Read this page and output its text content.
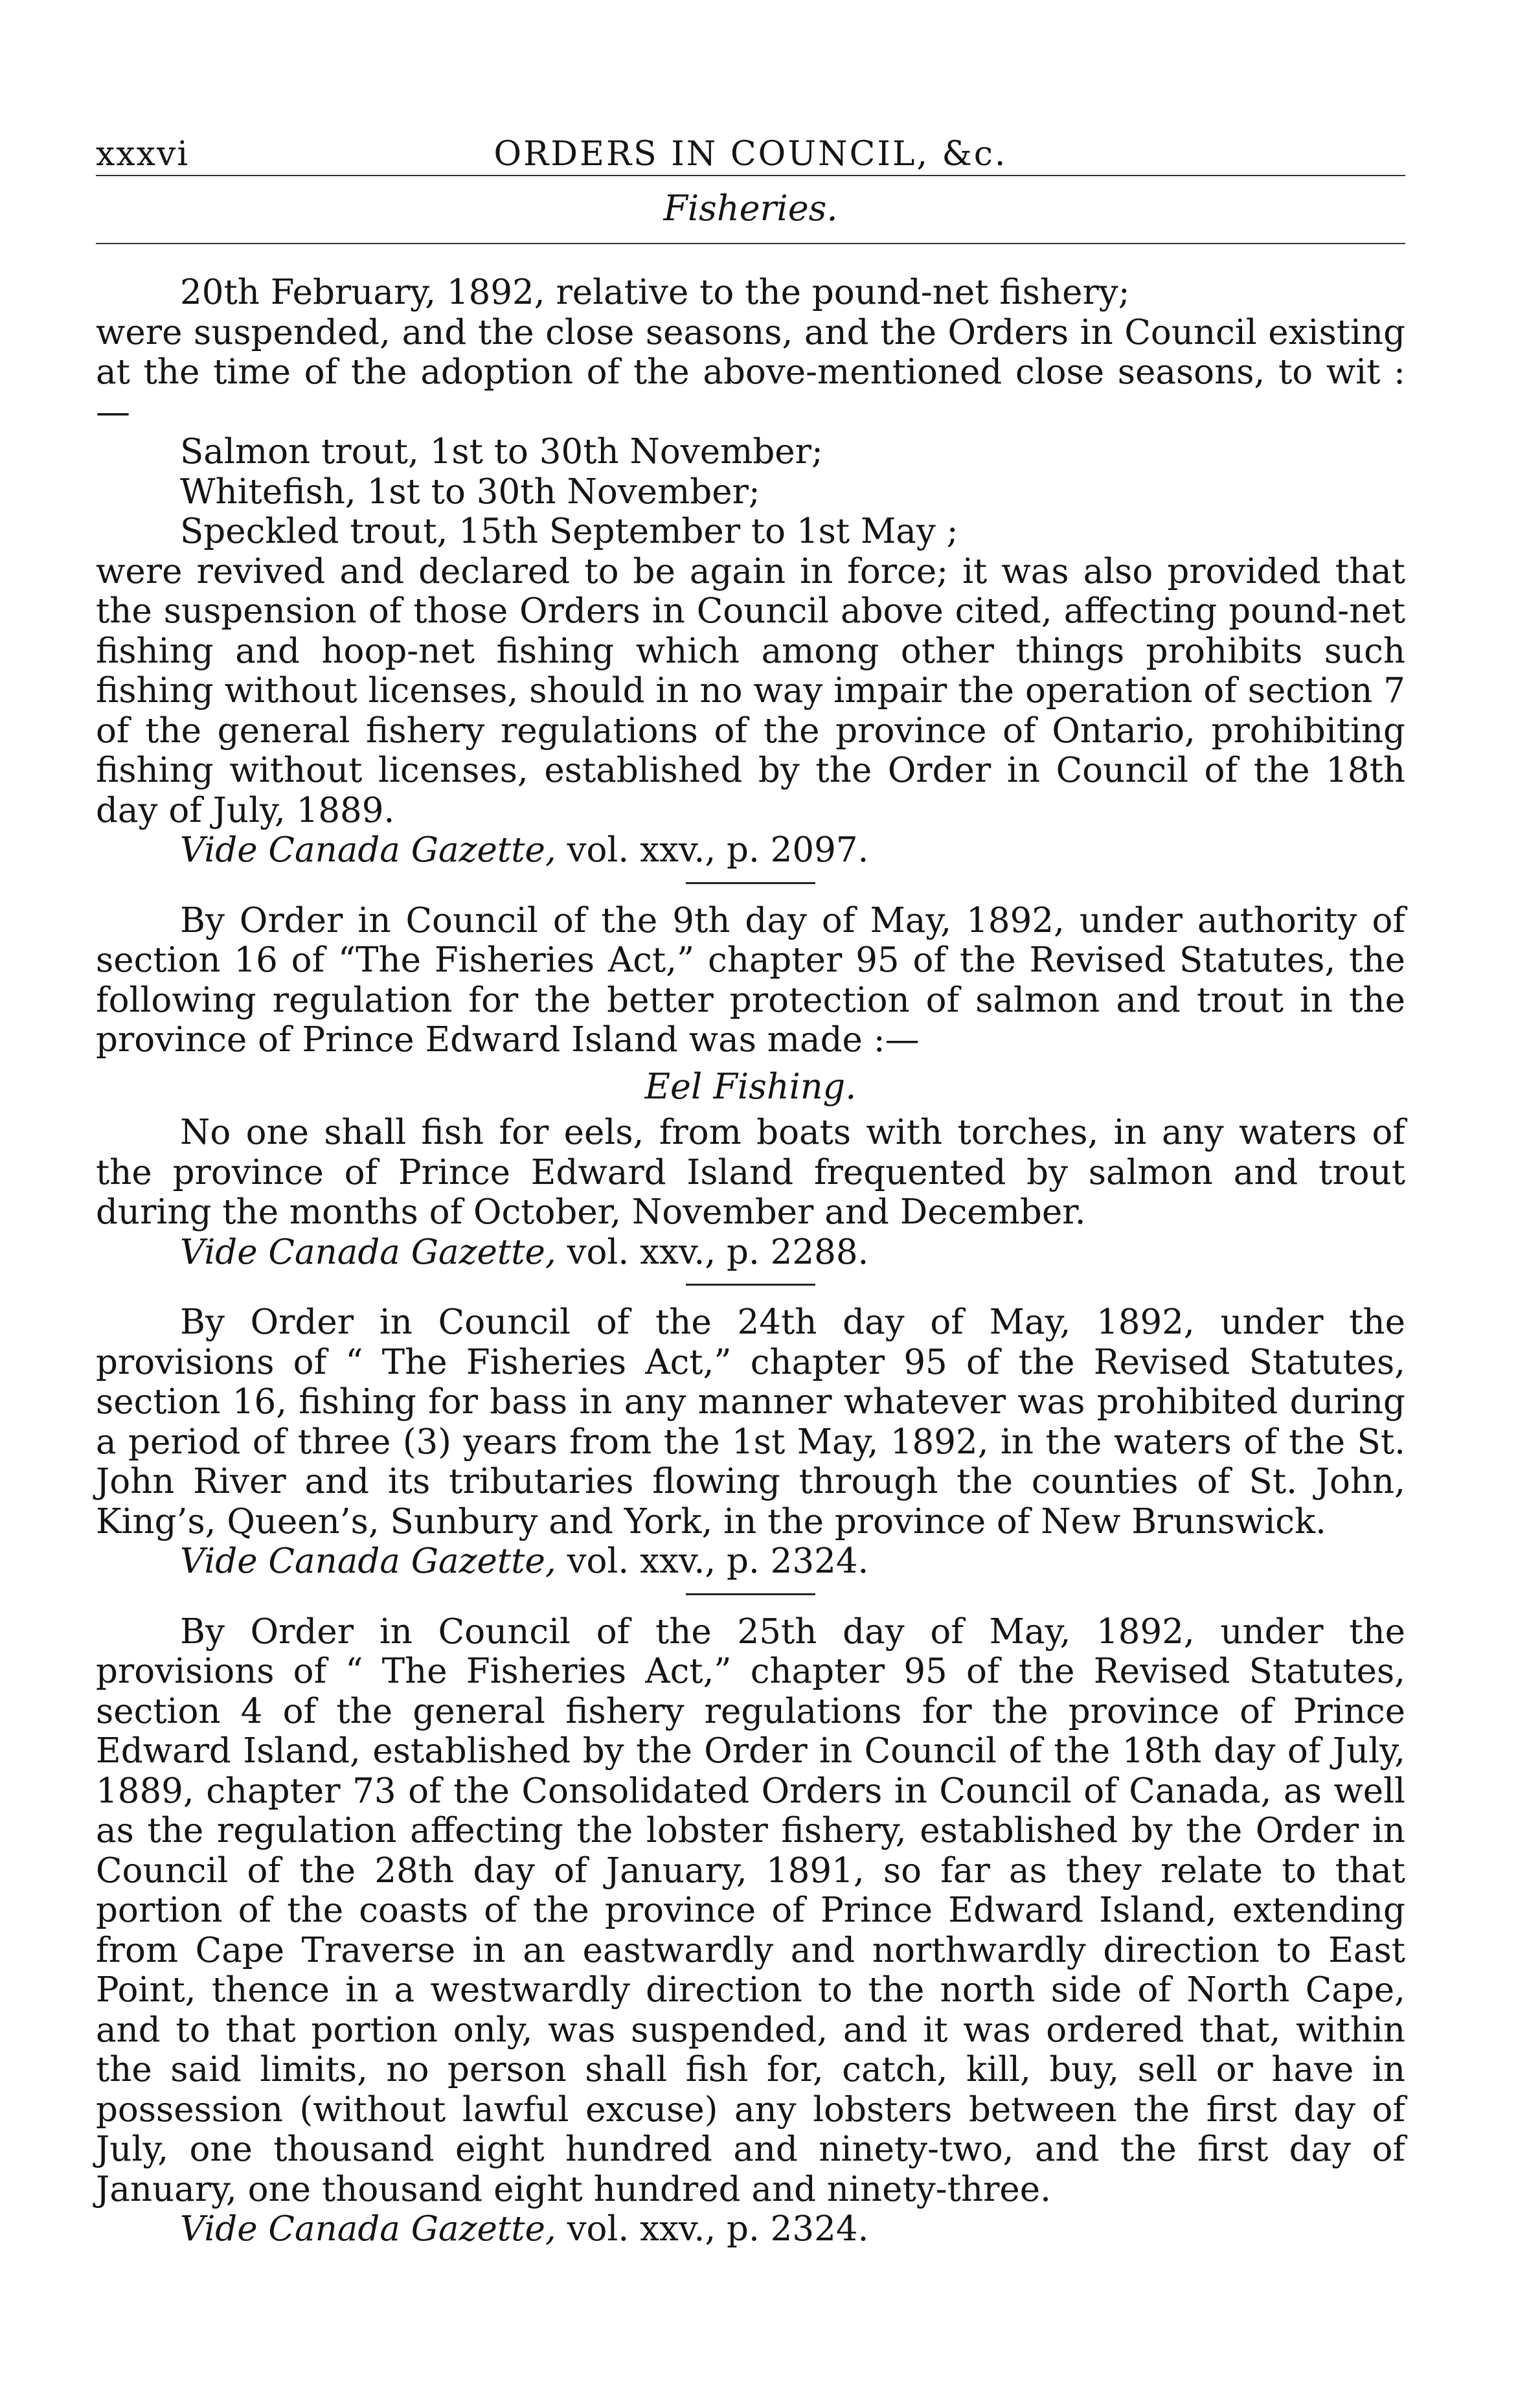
xxxvi	ORDERS IN COUNCIL, &c.
Fisheries.

20th February, 1892, relative to the pound-net fishery;

were suspended, and the close seasons, and the Orders in Council existing at the time of the adoption of the above-mentioned close seasons, to wit :—

Salmon trout, 1st to 30th November;

Whitefish, 1st to 30th November;

Speckled trout, 15th September to 1st May ;

were revived and declared to be again in force; it was also provided that the suspension of those Orders in Council above cited, affecting pound-net fishing and hoop-net fishing which among other things prohibits such fishing without licenses, should in no way impair the operation of section 7 of the general fishery regulations of the province of Ontario, prohibiting fishing without licenses, established by the Order in Council of the 18th day of July, 1889.

Vide Canada Gazette, vol. xxv., p. 2097.

By Order in Council of the 9th day of May, 1892, under authority of section 16 of “The Fisheries Act,” chapter 95 of the Revised Statutes, the following regulation for the better protection of salmon and trout in the province of Prince Edward Island was made :—

Eel Fishing.

No one shall fish for eels, from boats with torches, in any waters of the province of Prince Edward Island frequented by salmon and trout during the months of October, November and December.

Vide Canada Gazette, vol. xxv., p. 2288.

By Order in Council of the 24th day of May, 1892, under the provisions of “ The Fisheries Act,” chapter 95 of the Revised Statutes, section 16, fishing for bass in any manner whatever was prohibited during a period of three (3) years from the 1st May, 1892, in the waters of the St. John River and its tributaries flowing through the counties of St. John, King’s, Queen’s, Sunbury and York, in the province of New Brunswick.

Vide Canada Gazette, vol. xxv., p. 2324.

By Order in Council of the 25th day of May, 1892, under the provisions of “ The Fisheries Act,” chapter 95 of the Revised Statutes, section 4 of the general fishery regulations for the province of Prince Edward Island, established by the Order in Council of the 18th day of July, 1889, chapter 73 of the Consolidated Orders in Council of Canada, as well as the regulation affecting the lobster fishery, established by the Order in Council of the 28th day of January, 1891, so far as they relate to that portion of the coasts of the province of Prince Edward Island, extending from Cape Traverse in an eastwardly and northwardly direction to East Point, thence in a westwardly direction to the north side of North Cape, and to that portion only, was suspended, and it was ordered that, within the said limits, no person shall fish for, catch, kill, buy, sell or have in possession (without lawful excuse) any lobsters between the first day of July, one thousand eight hundred and ninety-two, and the first day of January, one thousand eight hundred and ninety-three.

Vide Canada Gazette, vol. xxv., p. 2324.
